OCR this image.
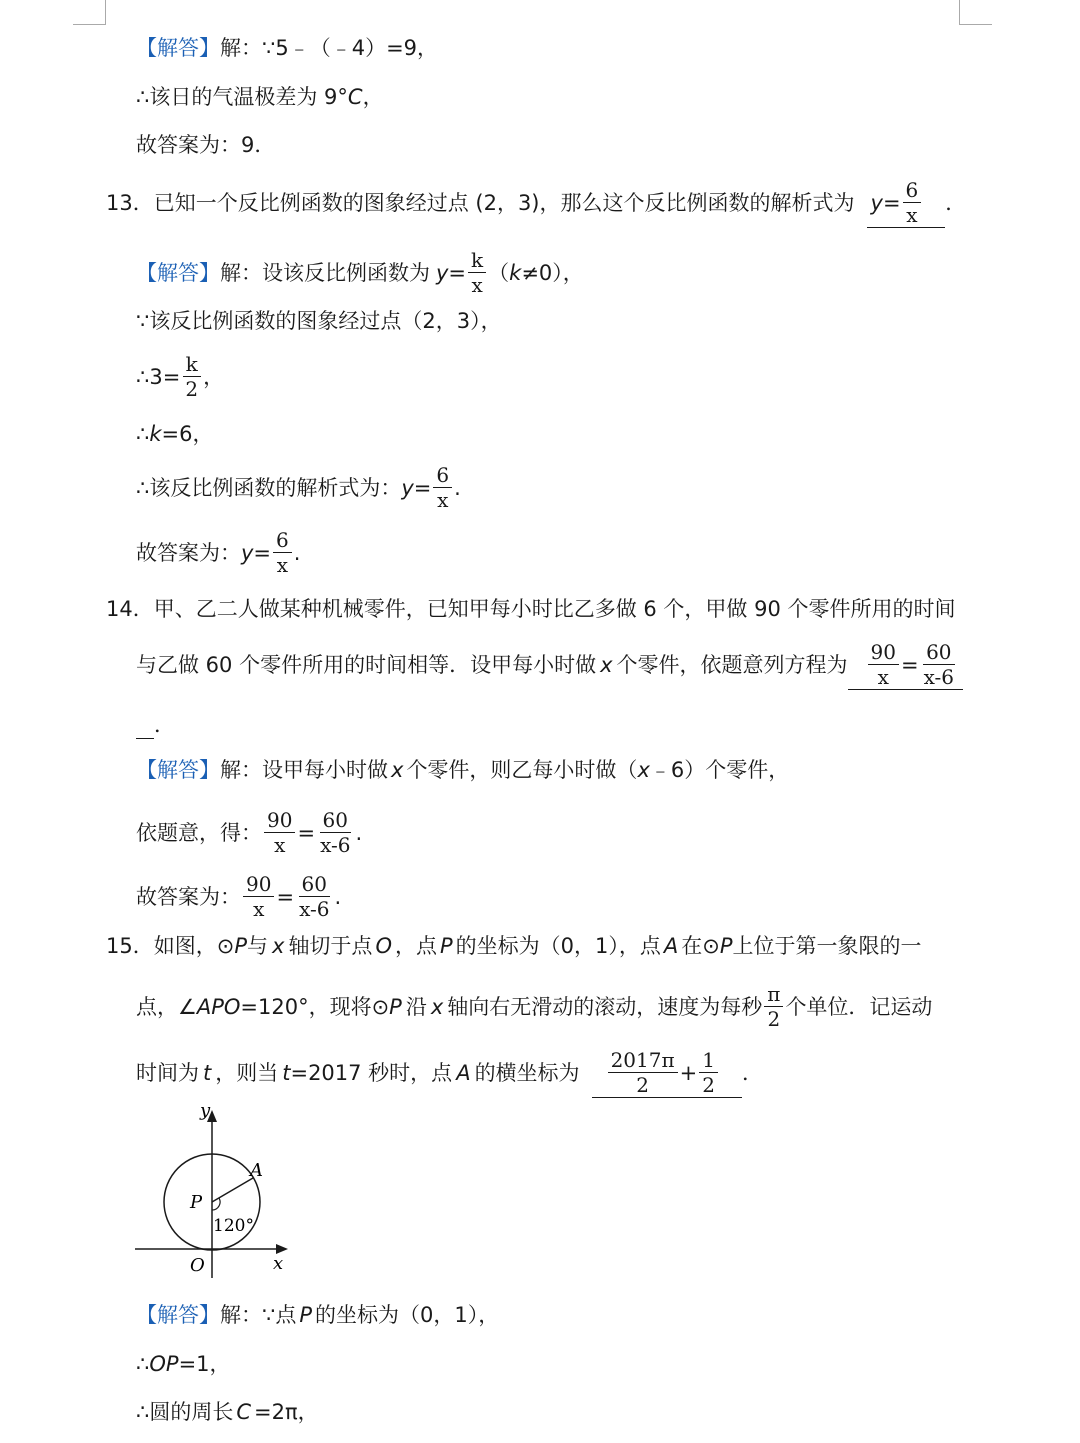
【解答】 解：∵5﹣（﹣4）=9，
∴该日的气温极差为 9° C ，
故答案为：9．
13．已知一个反比例函数的图象经过点 (2，3)，那么这个反比例函数的解析式为 $y= \frac{6}{x}$ ．
【解答】 解：设该反比例函数为 $y= \frac{k}{x}$ （ k ≠0），
∵该反比例函数的图象经过点（2，3），
∴3= $\frac{k}{2}$ ，
∴ k =6，
∴该反比例函数的解析式为： $y= \frac{6}{x}$ .
故答案为： $y= \frac{6}{x}$ .
14．甲、乙二人做某种机械零件，已知甲每小时比乙多做 6 个，甲做 90 个零件所用的时间
与乙做 60 个零件所用的时间相等．设甲每小时做 x 个零件，依题意列方程为 $\frac{90}{x} = \frac{60}{x-6}$
．
【解答】 解：设甲每小时做 x 个零件，则乙每小时做（ x ﹣6）个零件，
依题意，得： $\frac{90}{x} = \frac{60}{x-6}$ .
故答案为： $\frac{90}{x} = \frac{60}{x-6}$ .
15．如图，⊙ P 与 x 轴切于点 O ，点 P 的坐标为（0，1），点 A 在⊙ P 上位于第一象限的一
点，∠ APO =120°，现将⊙ P 沿 x 轴向右无滑动的滚动，速度为每秒 $\frac{\pi}{2}$ 个单位．记运动
时间为 t ，则当 t =2017 秒时，点 A 的横坐标为 $\frac{2017\pi}{2} + \frac{1}{2}$ ．
y
A
P
120°
O	x
【解答】 解：∵点 P 的坐标为（0，1），
∴ OP =1，
∴圆的周长 C =2π，
